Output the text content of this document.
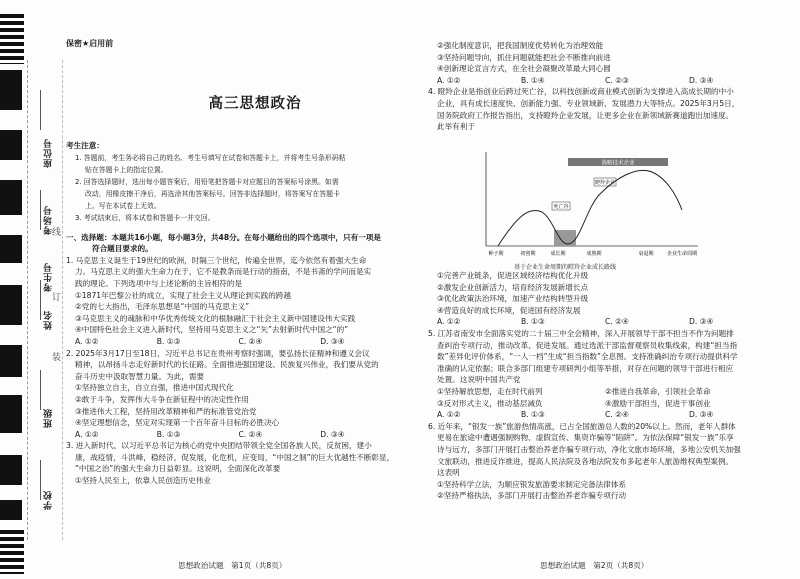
座位号
考场号
考生号
姓名
班级
学校
线
订
装
保密★启用前
高三思想政治

考生注意：

1. 答题前，考生务必将自己的姓名、考生号填写在试卷和答题卡上，并将考生号条形码粘

贴在答题卡上的指定位置。

2. 回答选择题时，选出每小题答案后，用铅笔把答题卡对应题目的答案标号涂黑。如需

改动，用橡皮擦干净后，再选涂其他答案标号。回答非选择题时，将答案写在答题卡

上。写在本试卷上无效。

3. 考试结束后，将本试卷和答题卡一并交回。

一、选择题：本题共16小题，每小题3分，共48分。在每小题给出的四个选项中，只有一项是

符合题目要求的。

1. 马克思主义诞生于19世纪的欧洲，时隔三个世纪，传遍全世界，迄今依然有着强大生命

力。马克思主义的强大生命力在于，它不是教条而是行动的指南，不是书斋的学问而是实

践的理论。下列选项中与上述论断的主旨相符的是

①1871年巴黎公社的成立，实现了社会主义从理论到实践的跨越

②党的七大指出，毛泽东思想是“中国的马克思主义”

③马克思主义的魂脉和中华优秀传统文化的根脉融汇于社会主义新中国建设伟大实践

④中国特色社会主义进入新时代，坚持用马克思主义之“矢”去射新时代中国之“的”

A. ①②	B. ①③	C. ②④	D. ③④

2. 2025年3月17日至18日，习近平总书记在贵州考察时强调，要弘扬长征精神和遵义会议

精神，以昂扬斗志走好新时代的长征路。全面推进强国建设、民族复兴伟业，我们要从党的

奋斗历史中汲取智慧力量。为此，需要

①坚持独立自主，自立自强，推进中国式现代化

②敢于斗争，发挥伟大斗争在新征程中的决定性作用

③推进伟大工程，坚持用改革精神和严的标准管党治党

④坚定理想信念，坚定对实现第一个百年奋斗目标的必胜决心

A. ①②	B. ①③	C. ②④	D. ③④

3. 进入新时代，以习近平总书记为核心的党中央团结带领全党全国各族人民，反贫困，建小

康，战疫情，斗洪峰，稳经济，促发展，化危机，应变局，“中国之制”的巨大优越性不断彰显，

“中国之治”的强大生命力日益彰显。这说明，全面深化改革要

①坚持人民至上，依靠人民创造历史伟业

②强化制度意识，把我国制度优势转化为治理效能

③坚持问题导向，抓住问题就能把社会不断推向前进

④创新理论宣言方式，在全社会凝聚改革最大同心圆

A. ①②	B. ①④	C. ②③	D. ③④

4. 瞪羚企业是指创业后跨过死亡谷，以科技创新或商业模式创新为支撑进入高成长期的中小

企业，具有成长速度快、创新能力强、专业领域新、发展潜力大等特点。2025年3月5日，

国务院政府工作报告指出，支持瞪羚企业发展，让更多企业在新领域新赛道跑出加速度。

此举有利于

战略技术企业
瞪羚企业
死亡谷
种子期	初创期	成长期	成熟期	衰退期	企业生命周期
基于企业生命周期的瞪羚企业成长路线

①完善产业链条，促进区域经济结构优化升级

②激发企业创新活力，培育经济发展新增长点

③优化政策法治环境，加速产业结构转型升级

④营造良好的成长环境，促进国有经济发展

A. ①②	B. ①③	C. ②④	D. ③④

5. 江苏省南安市全面落实党的二十届三中全会精神，深入开展领导干部不担当不作为问题排

查纠治专项行动，推动改革、促进发展。通过选派干部监督观察员收集线索，构建“担当指

数”差异化评价体系，“一人一档”生成“担当指数”全息图。支持准确纠治专项行动提供科学

准确的认定依据；联合多部门组建专项研判小组等举措，对存在问题的领导干部进行相应

处置。这说明中国共产党

①坚持解放思想，走在时代前列	②推进自我革命，引领社会革命
③反对形式主义，推动基层减负	④激励干部担当，促进干事创业
A. ①②	B. ①③	C. ②④	D. ③④

6. 近年来，“银发一族”旅游热情高涨，已占全国旅游总人数的20%以上。然而，老年人群体

更易在旅途中遭遇强制购物、虚假宣传、集资诈骗等“陷阱”。为依法保障“银发一族”乐享

诗与远方，多部门开展打击整治养老诈骗专项行动，净化文旅市场环境，多地公安机关加强

文旅联动，推进反诈推进，提高人民法院及各地法院发布多起老年人旅游维权典型案例。

这表明

①坚持科学立法，为顺应银发旅游要求制定完备法律体系

②坚持严格执法，多部门开展打击整治养老诈骗专项行动

思想政治试题　第1页（共8页）	思想政治试题　第2页（共8页）
